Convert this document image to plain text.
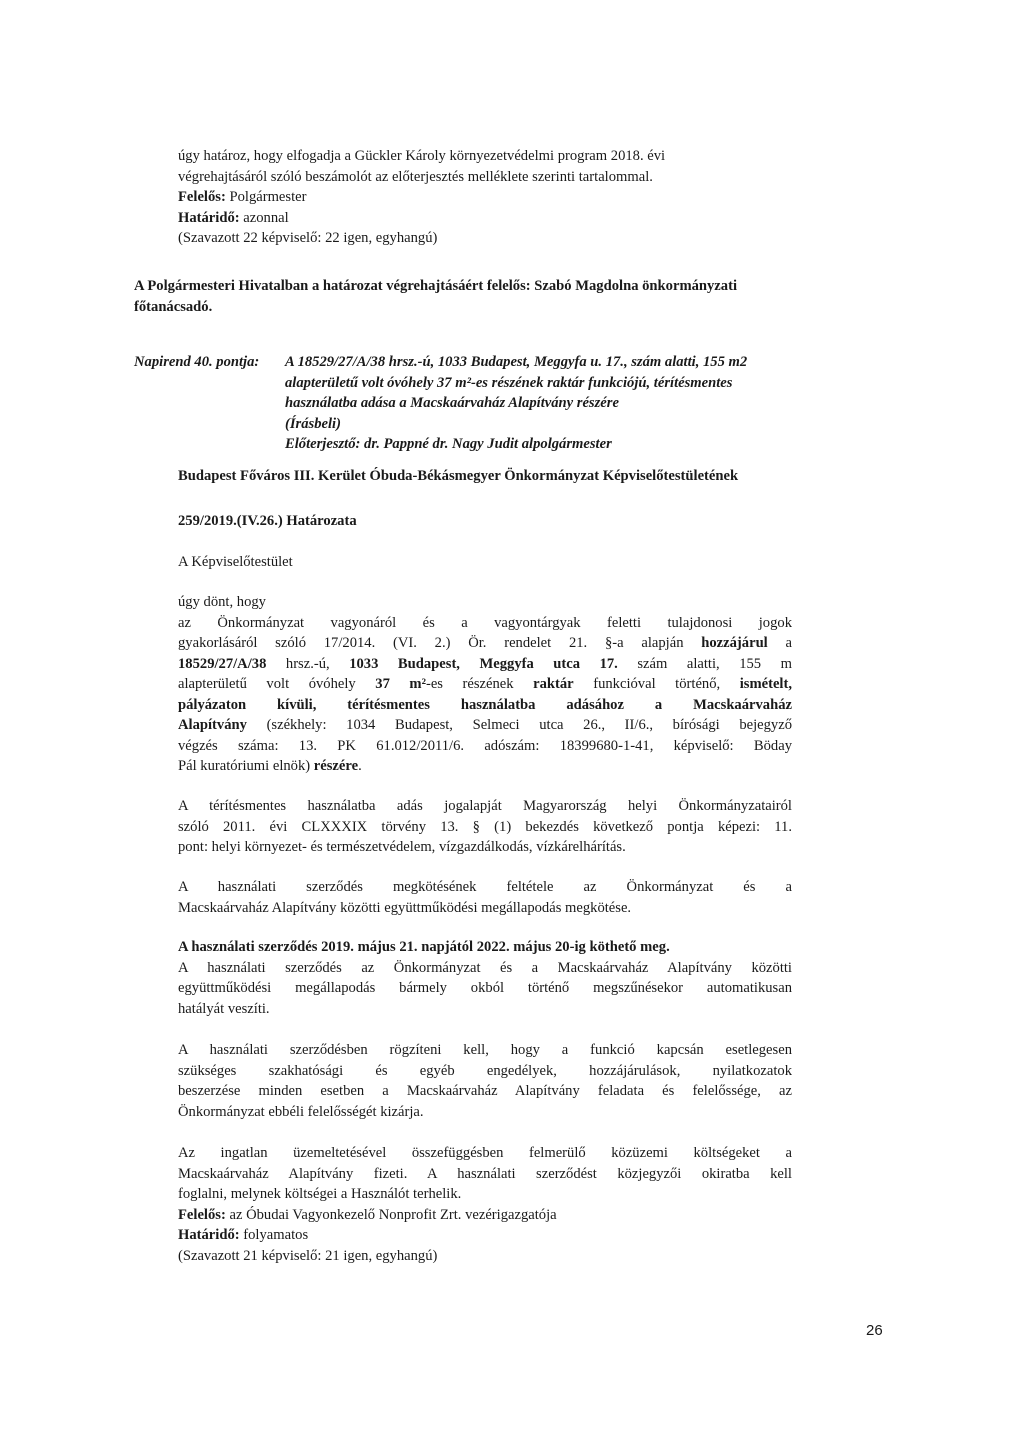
úgy határoz, hogy elfogadja a Gückler Károly környezetvédelmi program 2018. évi
végrehajtásáról szóló beszámolót az előterjesztés melléklete szerinti tartalommal.
Felelős: Polgármester
Határidő: azonnal
(Szavazott 22 képviselő: 22 igen, egyhangú)
A Polgármesteri Hivatalban a határozat végrehajtásáért felelős: Szabó Magdolna önkormányzati
főtanácsadó.
Napirend 40. pontja: A 18529/27/A/38 hrsz.-ú, 1033 Budapest, Meggyfa u. 17., szám alatti, 155 m2
alapterületű volt óvóhely 37 m²-es részének raktár funkciójú, térítésmentes
használatba adása a Macskaárvaház Alapítvány részére
(Írásbeli)
Előterjesztő: dr. Pappné dr. Nagy Judit alpolgármester
Budapest Főváros III. Kerület Óbuda-Békásmegyer Önkormányzat Képviselőtestületének
259/2019.(IV.26.) Határozata
A Képviselőtestület
úgy dönt, hogy
az Önkormányzat vagyonáról és a vagyontárgyak feletti tulajdonosi jogok
gyakorlásáról szóló 17/2014. (VI. 2.) Ör. rendelet 21. §-a alapján hozzájárul a
18529/27/A/38 hrsz.-ú, 1033 Budapest, Meggyfa utca 17. szám alatti, 155 m
alapterületű volt óvóhely 37 m²-es részének raktár funkcióval történő, ismételt,
pályázaton kívüli, térítésmentes használatba adásához a Macskaárvaház
Alapítvány (székhely: 1034 Budapest, Selmeci utca 26., II/6., bírósági bejegyző
végzés száma: 13. PK 61.012/2011/6. adószám: 18399680-1-41, képviselő: Böday
Pál kuratóriumi elnök) részére.
A térítésmentes használatba adás jogalapját Magyarország helyi Önkormányzatairól
szóló 2011. évi CLXXXIX törvény 13. § (1) bekezdés következő pontja képezi: 11.
pont: helyi környezet- és természetvédelem, vízgazdálkodás, vízkárelhárítás.
A használati szerződés megkötésének feltétele az Önkormányzat és a
Macskaárvaház Alapítvány közötti együttműködési megállapodás megkötése.
A használati szerződés 2019. május 21. napjától 2022. május 20-ig köthető meg.
A használati szerződés az Önkormányzat és a Macskaárvaház Alapítvány közötti
együttműködési megállapodás bármely okból történő megszűnésekor automatikusan
hatályát veszíti.
A használati szerződésben rögzíteni kell, hogy a funkció kapcsán esetlegesen
szükséges szakhatósági és egyéb engedélyek, hozzájárulások, nyilatkozatok
beszerzése minden esetben a Macskaárvaház Alapítvány feladata és felelőssége, az
Önkormányzat ebbéli felelősségét kizárja.
Az ingatlan üzemeltetésével összefüggésben felmerülő közüzemi költségeket a
Macskaárvaház Alapítvány fizeti. A használati szerződést közjegyzői okiratba kell
foglalni, melynek költségei a Használót terhelik.
Felelős: az Óbudai Vagyonkezelő Nonprofit Zrt. vezérigazgatója
Határidő: folyamatos
(Szavazott 21 képviselő: 21 igen, egyhangú)
26
